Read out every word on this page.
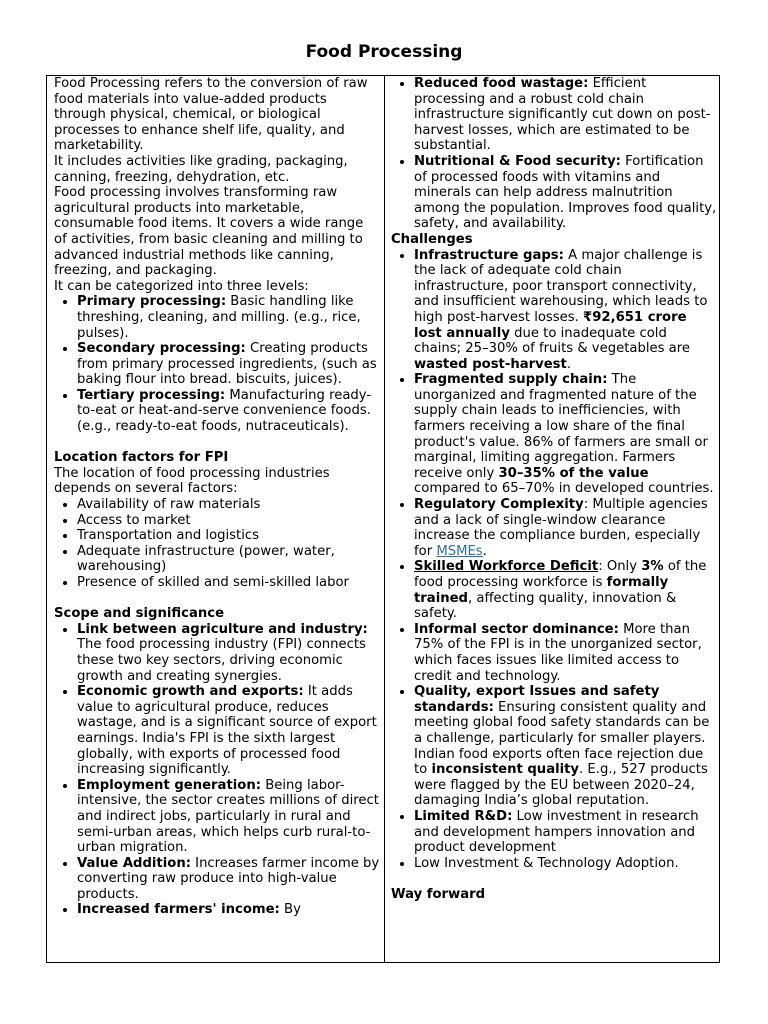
Food Processing

Food Processing refers to the conversion of raw food materials into value-added products through physical, chemical, or biological processes to enhance shelf life, quality, and marketability.

It includes activities like grading, packaging, canning, freezing, dehydration, etc.

Food processing involves transforming raw agricultural products into marketable, consumable food items. It covers a wide range of activities, from basic cleaning and milling to advanced industrial methods like canning, freezing, and packaging.

It can be categorized into three levels:

• Primary processing: Basic handling like threshing, cleaning, and milling. (e.g., rice, pulses).
• Secondary processing: Creating products from primary processed ingredients, (such as baking flour into bread. biscuits, juices).
• Tertiary processing: Manufacturing ready-to-eat or heat-and-serve convenience foods. (e.g., ready-to-eat foods, nutraceuticals).

Location factors for FPI

The location of food processing industries depends on several factors:

• Availability of raw materials
• Access to market
• Transportation and logistics
• Adequate infrastructure (power, water, warehousing)
• Presence of skilled and semi-skilled labor

Scope and significance

• Link between agriculture and industry: The food processing industry (FPI) connects these two key sectors, driving economic growth and creating synergies.
• Economic growth and exports: It adds value to agricultural produce, reduces wastage, and is a significant source of export earnings. India's FPI is the sixth largest globally, with exports of processed food increasing significantly.
• Employment generation: Being labor-intensive, the sector creates millions of direct and indirect jobs, particularly in rural and semi-urban areas, which helps curb rural-to-urban migration.
• Value Addition: Increases farmer income by converting raw produce into high-value products.
• Increased farmers' income: By
• Reduced food wastage: Efficient processing and a robust cold chain infrastructure significantly cut down on post-harvest losses, which are estimated to be substantial.
• Nutritional & Food security: Fortification of processed foods with vitamins and minerals can help address malnutrition among the population. Improves food quality, safety, and availability.

Challenges

• Infrastructure gaps: A major challenge is the lack of adequate cold chain infrastructure, poor transport connectivity, and insufficient warehousing, which leads to high post-harvest losses. ₹92,651 crore lost annually due to inadequate cold chains; 25–30% of fruits & vegetables are wasted post-harvest.
• Fragmented supply chain: The unorganized and fragmented nature of the supply chain leads to inefficiencies, with farmers receiving a low share of the final product's value. 86% of farmers are small or marginal, limiting aggregation. Farmers receive only 30–35% of the value compared to 65–70% in developed countries.
• Regulatory Complexity: Multiple agencies and a lack of single-window clearance increase the compliance burden, especially for MSMEs.
• Skilled Workforce Deficit: Only 3% of the food processing workforce is formally trained, affecting quality, innovation & safety.
• Informal sector dominance: More than 75% of the FPI is in the unorganized sector, which faces issues like limited access to credit and technology.
• Quality, export Issues and safety standards: Ensuring consistent quality and meeting global food safety standards can be a challenge, particularly for smaller players. Indian food exports often face rejection due to inconsistent quality. E.g., 527 products were flagged by the EU between 2020–24, damaging India’s global reputation.
• Limited R&D: Low investment in research and development hampers innovation and product development
• Low Investment & Technology Adoption.

Way forward
